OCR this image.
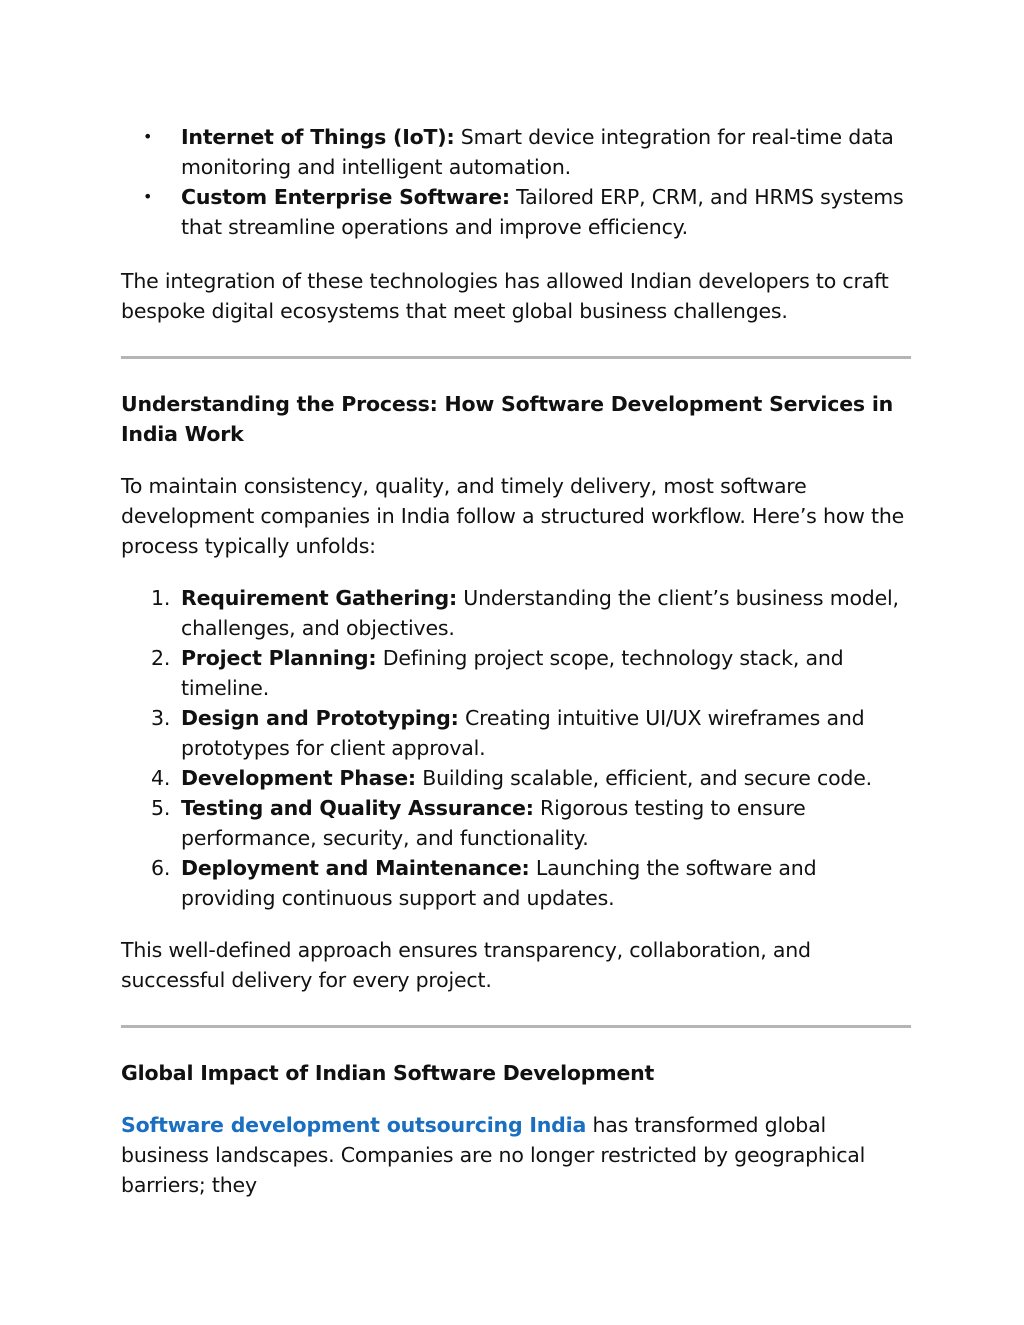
• Internet of Things (IoT): Smart device integration for real-time data monitoring and intelligent automation.
• Custom Enterprise Software: Tailored ERP, CRM, and HRMS systems that streamline operations and improve efficiency.

The integration of these technologies has allowed Indian developers to craft bespoke digital ecosystems that meet global business challenges.

Understanding the Process: How Software Development Services in India Work

To maintain consistency, quality, and timely delivery, most software development companies in India follow a structured workflow. Here’s how the process typically unfolds:

1. Requirement Gathering: Understanding the client’s business model, challenges, and objectives.
2. Project Planning: Defining project scope, technology stack, and timeline.
3. Design and Prototyping: Creating intuitive UI/UX wireframes and prototypes for client approval.
4. Development Phase: Building scalable, efficient, and secure code.
5. Testing and Quality Assurance: Rigorous testing to ensure performance, security, and functionality.
6. Deployment and Maintenance: Launching the software and providing continuous support and updates.

This well-defined approach ensures transparency, collaboration, and successful delivery for every project.

Global Impact of Indian Software Development

Software development outsourcing India has transformed global business landscapes. Companies are no longer restricted by geographical barriers; they
